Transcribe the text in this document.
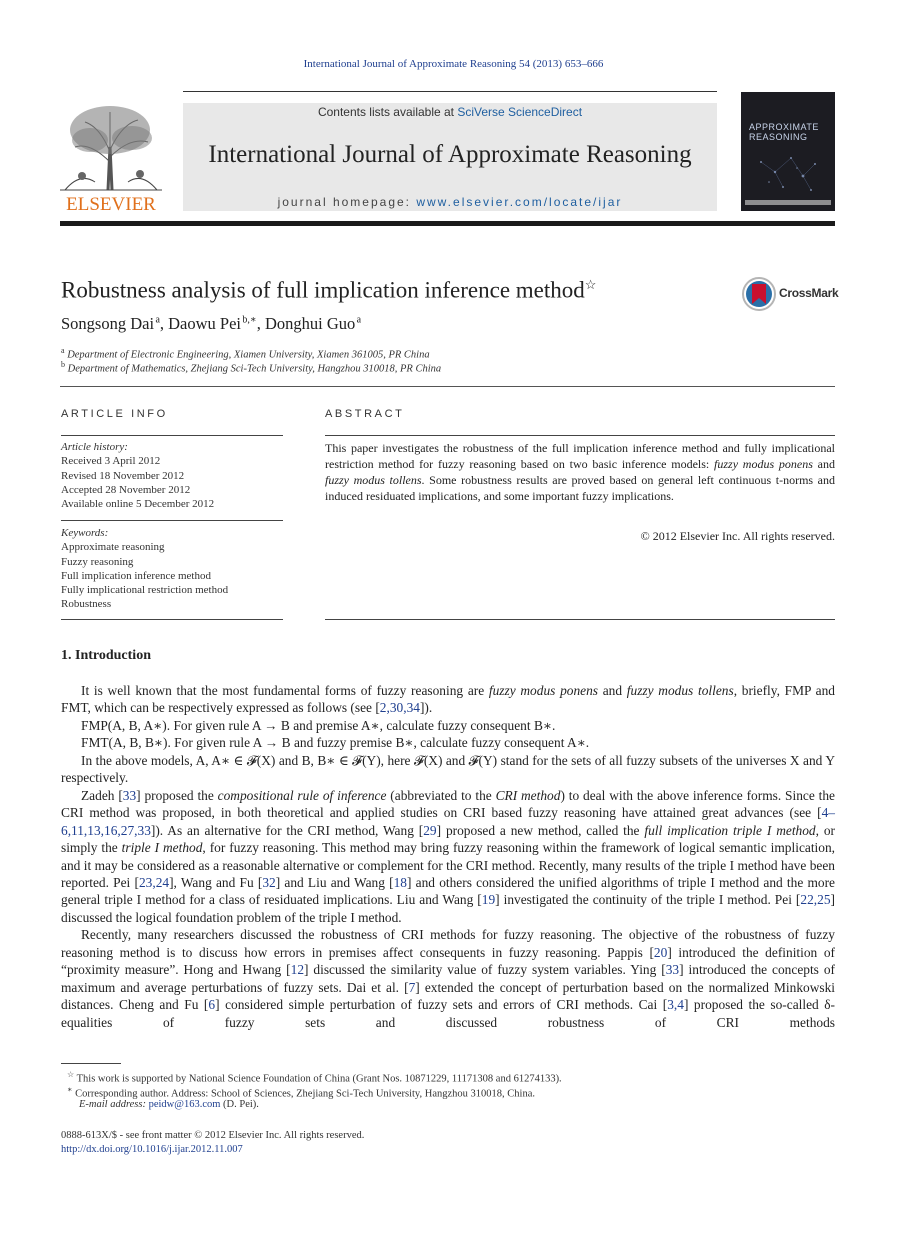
International Journal of Approximate Reasoning 54 (2013) 653–666
ELSEVIER
Contents lists available at SciVerse ScienceDirect
International Journal of Approximate Reasoning
journal homepage: www.elsevier.com/locate/ijar
APPROXIMATE REASONING
Robustness analysis of full implication inference method☆
CrossMark
Songsong Dai $^a$, Daowu Pei $^{b,∗}$, Donghui Guo $^a$
$^a$ Department of Electronic Engineering, Xiamen University, Xiamen 361005, PR China
$^b$ Department of Mathematics, Zhejiang Sci-Tech University, Hangzhou 310018, PR China
ARTICLE INFO
Article history:
Received 3 April 2012
Revised 18 November 2012
Accepted 28 November 2012
Available online 5 December 2012
Keywords:
Approximate reasoning
Fuzzy reasoning
Full implication inference method
Fully implicational restriction method
Robustness
ABSTRACT
This paper investigates the robustness of the full implication inference method and fully implicational restriction method for fuzzy reasoning based on two basic inference models: fuzzy modus ponens and fuzzy modus tollens. Some robustness results are proved based on general left continuous t-norms and induced residuated implications, and some important fuzzy implications.
© 2012 Elsevier Inc. All rights reserved.
1. Introduction

It is well known that the most fundamental forms of fuzzy reasoning are fuzzy modus ponens and fuzzy modus tollens, briefly, FMP and FMT, which can be respectively expressed as follows (see [2,30,34]).

FMP(A, B, A∗). For given rule A → B and premise A∗, calculate fuzzy consequent B∗.

FMT(A, B, B∗). For given rule A → B and fuzzy premise B∗, calculate fuzzy consequent A∗.

In the above models, A, A∗ ∈ 𝓕(X) and B, B∗ ∈ 𝓕(Y), here 𝓕(X) and 𝓕(Y) stand for the sets of all fuzzy subsets of the universes X and Y respectively.

Zadeh [33] proposed the compositional rule of inference (abbreviated to the CRI method) to deal with the above inference forms. Since the CRI method was proposed, in both theoretical and applied studies on CRI based fuzzy reasoning have attained great advances (see [4–6,11,13,16,27,33]). As an alternative for the CRI method, Wang [29] proposed a new method, called the full implication triple I method, or simply the triple I method, for fuzzy reasoning. This method may bring fuzzy reasoning within the framework of logical semantic implication, and it may be considered as a reasonable alternative or complement for the CRI method. Recently, many results of the triple I method have been reported. Pei [23,24], Wang and Fu [32] and Liu and Wang [18] and others considered the unified algorithms of triple I method and the more general triple I method for a class of residuated implications. Liu and Wang [19] investigated the continuity of the triple I method. Pei [22,25] discussed the logical foundation problem of the triple I method.

Recently, many researchers discussed the robustness of CRI methods for fuzzy reasoning. The objective of the robustness of fuzzy reasoning method is to discuss how errors in premises affect consequents in fuzzy reasoning. Pappis [20] introduced the definition of “proximity measure”. Hong and Hwang [12] discussed the similarity value of fuzzy system variables. Ying [33] introduced the concepts of maximum and average perturbations of fuzzy sets. Dai et al. [7] extended the concept of perturbation based on the normalized Minkowski distances. Cheng and Fu [6] considered simple perturbation of fuzzy sets and errors of CRI methods. Cai [3,4] proposed the so-called δ-equalities of fuzzy sets and discussed robustness of CRI methods

☆ This work is supported by National Science Foundation of China (Grant Nos. 10871229, 11171308 and 61274133).
∗ Corresponding author. Address: School of Sciences, Zhejiang Sci-Tech University, Hangzhou 310018, China.
E-mail address: peidw@163.com (D. Pei).
0888-613X/$ - see front matter © 2012 Elsevier Inc. All rights reserved.
http://dx.doi.org/10.1016/j.ijar.2012.11.007
